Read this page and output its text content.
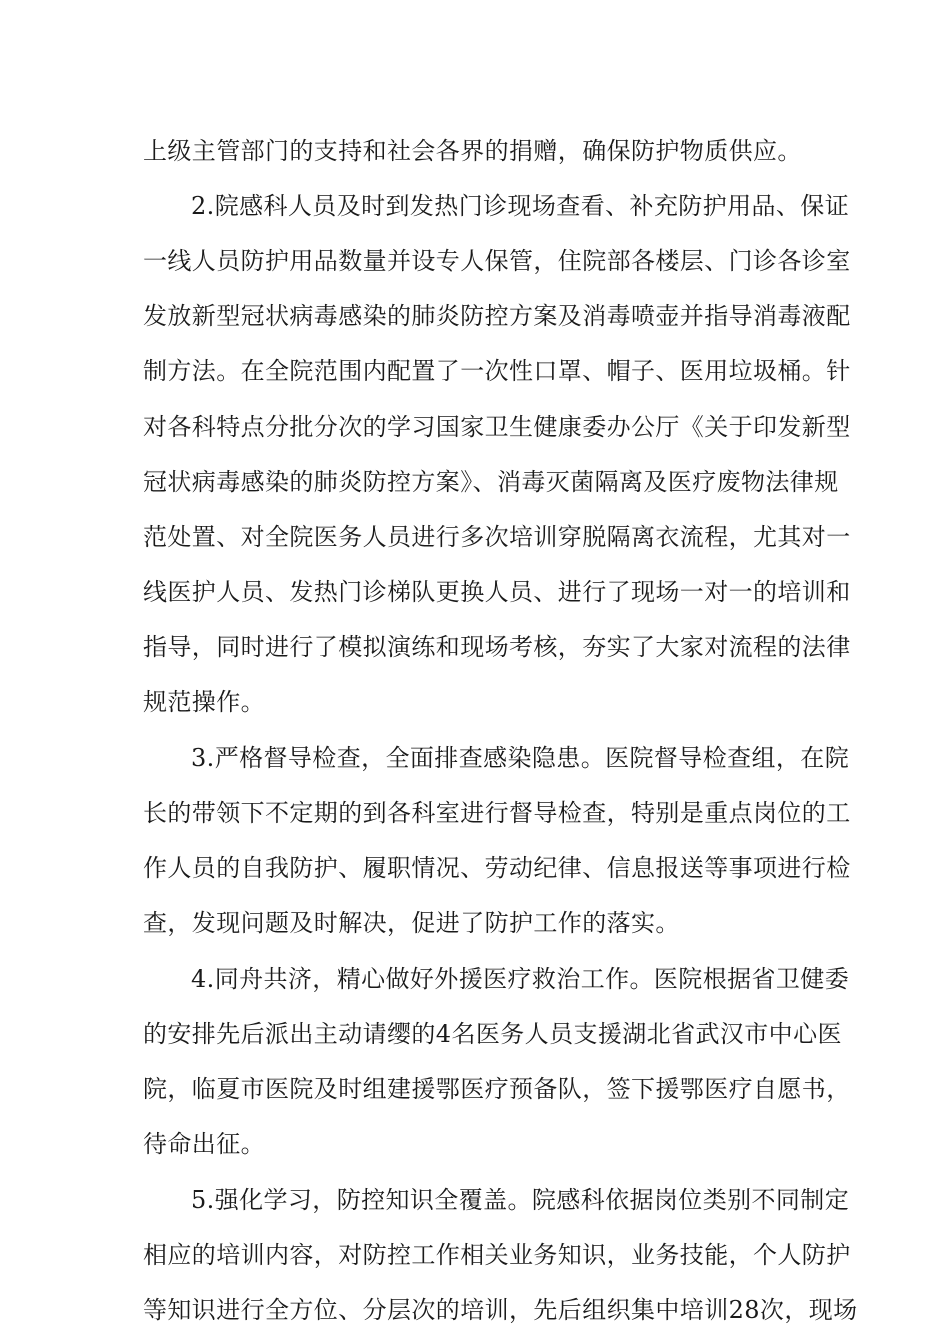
上级主管部门的支持和社会各界的捐赠，确保防护物质供应。

2.院感科人员及时到发热门诊现场查看、补充防护用品、保证

一线人员防护用品数量并设专人保管，住院部各楼层、门诊各诊室

发放新型冠状病毒感染的肺炎防控方案及消毒喷壶并指导消毒液配

制方法。在全院范围内配置了一次性口罩、帽子、医用垃圾桶。针

对各科特点分批分次的学习国家卫生健康委办公厅《关于印发新型

冠状病毒感染的肺炎防控方案》、消毒灭菌隔离及医疗废物法律规

范处置、对全院医务人员进行多次培训穿脱隔离衣流程，尤其对一

线医护人员、发热门诊梯队更换人员、进行了现场一对一的培训和

指导，同时进行了模拟演练和现场考核，夯实了大家对流程的法律

规范操作。

3.严格督导检查，全面排查感染隐患。医院督导检查组，在院

长的带领下不定期的到各科室进行督导检查，特别是重点岗位的工

作人员的自我防护、履职情况、劳动纪律、信息报送等事项进行检

查，发现问题及时解决，促进了防护工作的落实。

4.同舟共济，精心做好外援医疗救治工作。医院根据省卫健委

的安排先后派出主动请缨的4名医务人员支援湖北省武汉市中心医

院，临夏市医院及时组建援鄂医疗预备队，签下援鄂医疗自愿书，

待命出征。

5.强化学习，防控知识全覆盖。院感科依据岗位类别不同制定

相应的培训内容，对防控工作相关业务知识，业务技能，个人防护

等知识进行全方位、分层次的培训，先后组织集中培训28次，现场
